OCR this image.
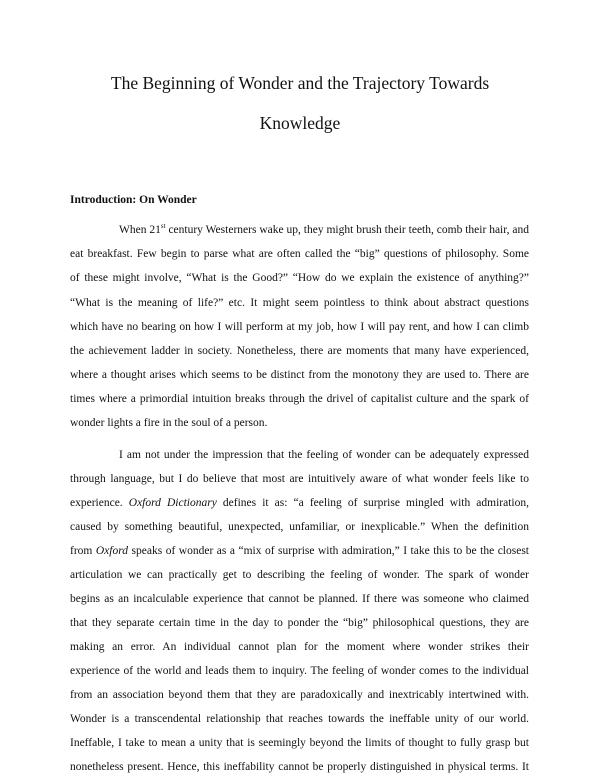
The Beginning of Wonder and the Trajectory Towards
Knowledge
Introduction: On Wonder
When 21st century Westerners wake up, they might brush their teeth, comb their hair, and
eat breakfast. Few begin to parse what are often called the “big” questions of philosophy. Some
of these might involve, “What is the Good?” “How do we explain the existence of anything?”
“What is the meaning of life?” etc. It might seem pointless to think about abstract questions
which have no bearing on how I will perform at my job, how I will pay rent, and how I can climb
the achievement ladder in society. Nonetheless, there are moments that many have experienced,
where a thought arises which seems to be distinct from the monotony they are used to. There are
times where a primordial intuition breaks through the drivel of capitalist culture and the spark of
wonder lights a fire in the soul of a person.
I am not under the impression that the feeling of wonder can be adequately expressed
through language, but I do believe that most are intuitively aware of what wonder feels like to
experience. Oxford Dictionary defines it as: “a feeling of surprise mingled with admiration,
caused by something beautiful, unexpected, unfamiliar, or inexplicable.” When the definition
from Oxford speaks of wonder as a “mix of surprise with admiration,” I take this to be the closest
articulation we can practically get to describing the feeling of wonder. The spark of wonder
begins as an incalculable experience that cannot be planned. If there was someone who claimed
that they separate certain time in the day to ponder the “big” philosophical questions, they are
making an error. An individual cannot plan for the moment where wonder strikes their
experience of the world and leads them to inquiry. The feeling of wonder comes to the individual
from an association beyond them that they are paradoxically and inextricably intertwined with.
Wonder is a transcendental relationship that reaches towards the ineffable unity of our world.
Ineffable, I take to mean a unity that is seemingly beyond the limits of thought to fully grasp but
nonetheless present. Hence, this ineffability cannot be properly distinguished in physical terms. It
